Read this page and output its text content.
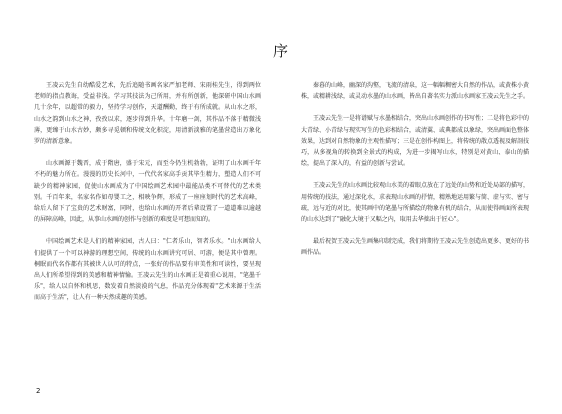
序

王凌云先生自幼酷爱艺术，先后追随书画名家严加老师、宋雨桂先生，得到两位老师的指点教诲，受益非浅。学习其技法为己所用，并有所创新，他深研中国山水画几十余年，以超常的毅力，坚持学习创作，天道酬勤，终于有所成就。从山水之形，山水之韵到山水之神，孜孜以求，逐步得到升华。十年磨一剑，其作品不落于精微浅薄，更臻于山水古妙，颇多寻觅顿和传统文化积淀，用清新淡雅的笔墨营造出万象化罗的清新意象。

山水画源于魏晋，成于隋唐，盛于宋元，而至今仍生机勃勃，证明了山水画千年不朽的魅力所在。漫漫的历史长河中，一代代名家高手贡其毕生精力，塑造人们不可缺少的精神家园，促使山水画成为了中国绘画艺术园中最能品类不可替代的艺术类别。千百年来，名家名作如母婴工之，相映争辉，形成了一座座划时代的艺术高峰，给后人留下了宝贵的艺术财富，同时，也给山水画的开者后辈设置了一道道难以逾越的屏障高峰，因此，从事山水画的创作与创新的难度是可想而知的。

中国绘画艺术是人们的精神家园，古人曰："仁者乐山，智者乐水。"山水画给人们提供了一个可以神游的理想空间，传统的山水画讲究可居、可游，便是其中曾理。桐眠而代名作都有其被世人认可的特点，一张好的作品要有审美性和可读性，要呈现出人们所希望得到的美感和精神情愉。王凌云先生的山水画正是着重心说用，"笔墨千乐"，给人以自怀和机思，数发着自然淡漠的气息，作品充分体现着"艺术来源于生活而高于生活"，让人有一种天然成趣的美感。

秦暮的山峰，幽深的沟壑，飞流的清泉，这一幅幅稠密大自然的作品，或黄株小黄株，或精耕浅绿，或灵动水墨的山水画，皆出自著名实力派山水画家王凌云先生之手。

王凌云先生一是将谱赋与水墨相结合，突出山水画创作的书写性；二是将色彩中的大青绿、小青绿与现实写生的色彩相结合，或清翼、或典都成以象绿，突出画面色整体效果，达到对自然物象的主观性描写；三是在创作构图上，将传统的散点透视及解剖技巧，从多视角的转换到全景式的构成，为进一步揭写山水，特别是对黄山、泰山的描绘，提出了深入的，有益的创新与尝试。

王凌云先生的山水画比较观山水美的着眼点放在了远处的山势和近处局部的描写，用传统的技法，通过深化水，求表现山水画的抒情，精熟地运用繁与简、虚与实、密与疏，远与近的对比，使其画中的笔墨与所描绘的物象有机的结合，从而使得画面所表现的山水达到了"融化大境于又幅之内，取用去华拙出于匠心"。

最后祝贺王凌云先生画集印制完成，我们将期待王凌云先生创造出更多、更好的书画作品。

2
